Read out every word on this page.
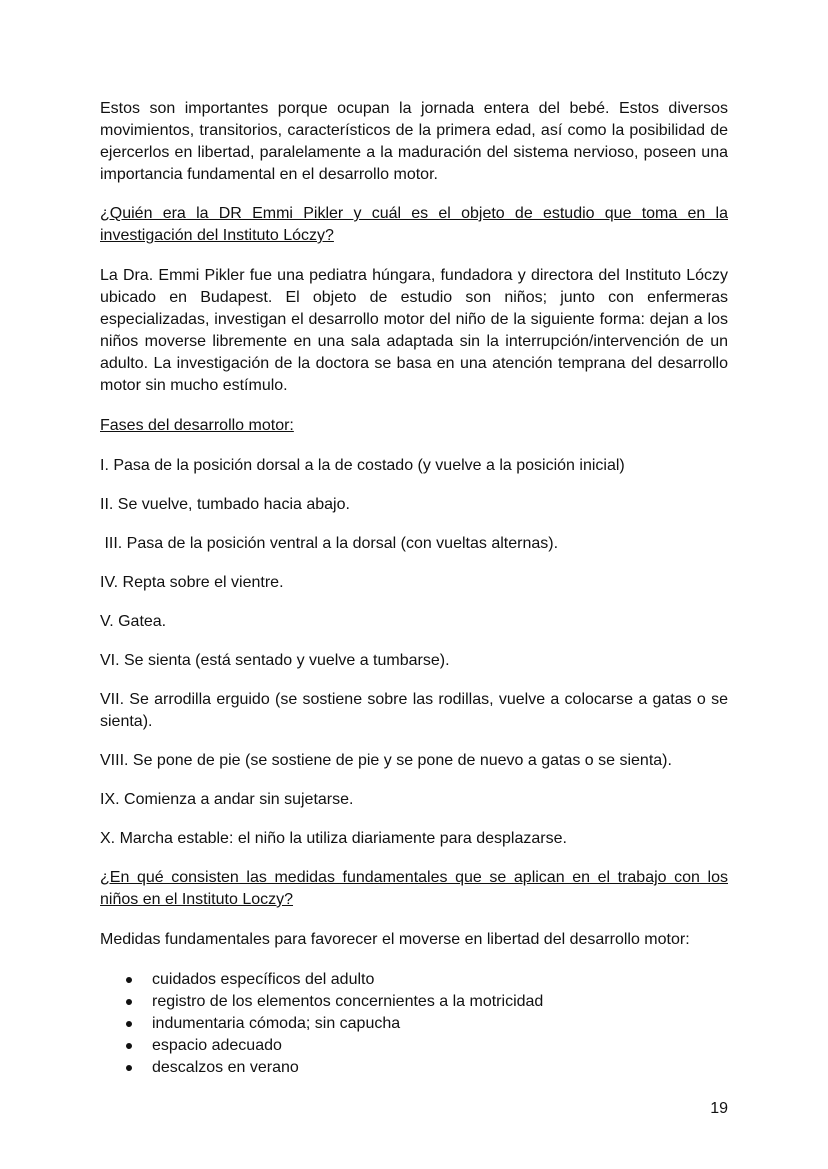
Estos son importantes porque ocupan la jornada entera del bebé. Estos diversos movimientos, transitorios, característicos de la primera edad, así como la posibilidad de ejercerlos en libertad, paralelamente a la maduración del sistema nervioso, poseen una importancia fundamental en el desarrollo motor.

¿Quién era la DR Emmi Pikler y cuál es el objeto de estudio que toma en la investigación del Instituto Lóczy?

La Dra. Emmi Pikler fue una pediatra húngara, fundadora y directora del Instituto Lóczy ubicado en Budapest. El objeto de estudio son niños; junto con enfermeras especializadas, investigan el desarrollo motor del niño de la siguiente forma: dejan a los niños moverse libremente en una sala adaptada sin la interrupción/intervención de un adulto. La investigación de la doctora se basa en una atención temprana del desarrollo motor sin mucho estímulo.

Fases del desarrollo motor:

I. Pasa de la posición dorsal a la de costado (y vuelve a la posición inicial)

II. Se vuelve, tumbado hacia abajo.

III. Pasa de la posición ventral a la dorsal (con vueltas alternas).

IV. Repta sobre el vientre.

V. Gatea.

VI. Se sienta (está sentado y vuelve a tumbarse).

VII. Se arrodilla erguido (se sostiene sobre las rodillas, vuelve a colocarse a gatas o se sienta).

VIII. Se pone de pie (se sostiene de pie y se pone de nuevo a gatas o se sienta).

IX. Comienza a andar sin sujetarse.

X. Marcha estable: el niño la utiliza diariamente para desplazarse.

¿En qué consisten las medidas fundamentales que se aplican en el trabajo con los niños en el Instituto Loczy?

Medidas fundamentales para favorecer el moverse en libertad del desarrollo motor:

cuidados específicos del adulto
registro de los elementos concernientes a la motricidad
indumentaria cómoda; sin capucha
espacio adecuado
descalzos en verano
19
